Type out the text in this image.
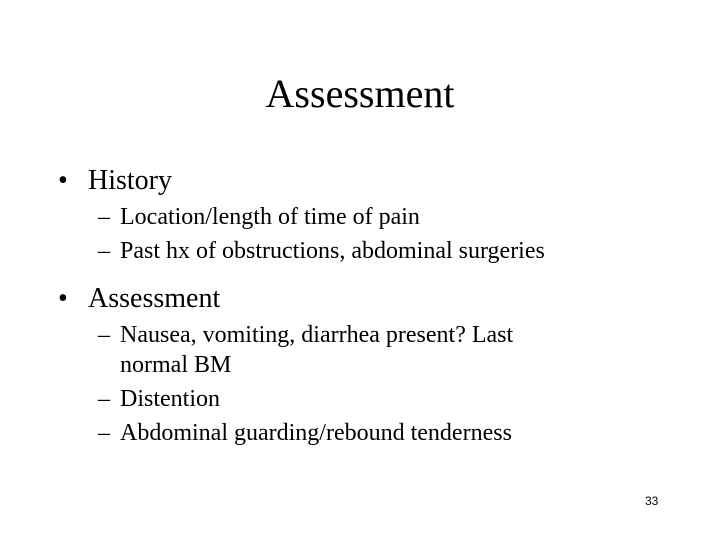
Assessment
• History
– Location/length of time of pain
– Past hx of obstructions, abdominal surgeries
• Assessment
– Nausea, vomiting, diarrhea present? Last normal BM
– Distention
– Abdominal guarding/rebound tenderness
33
